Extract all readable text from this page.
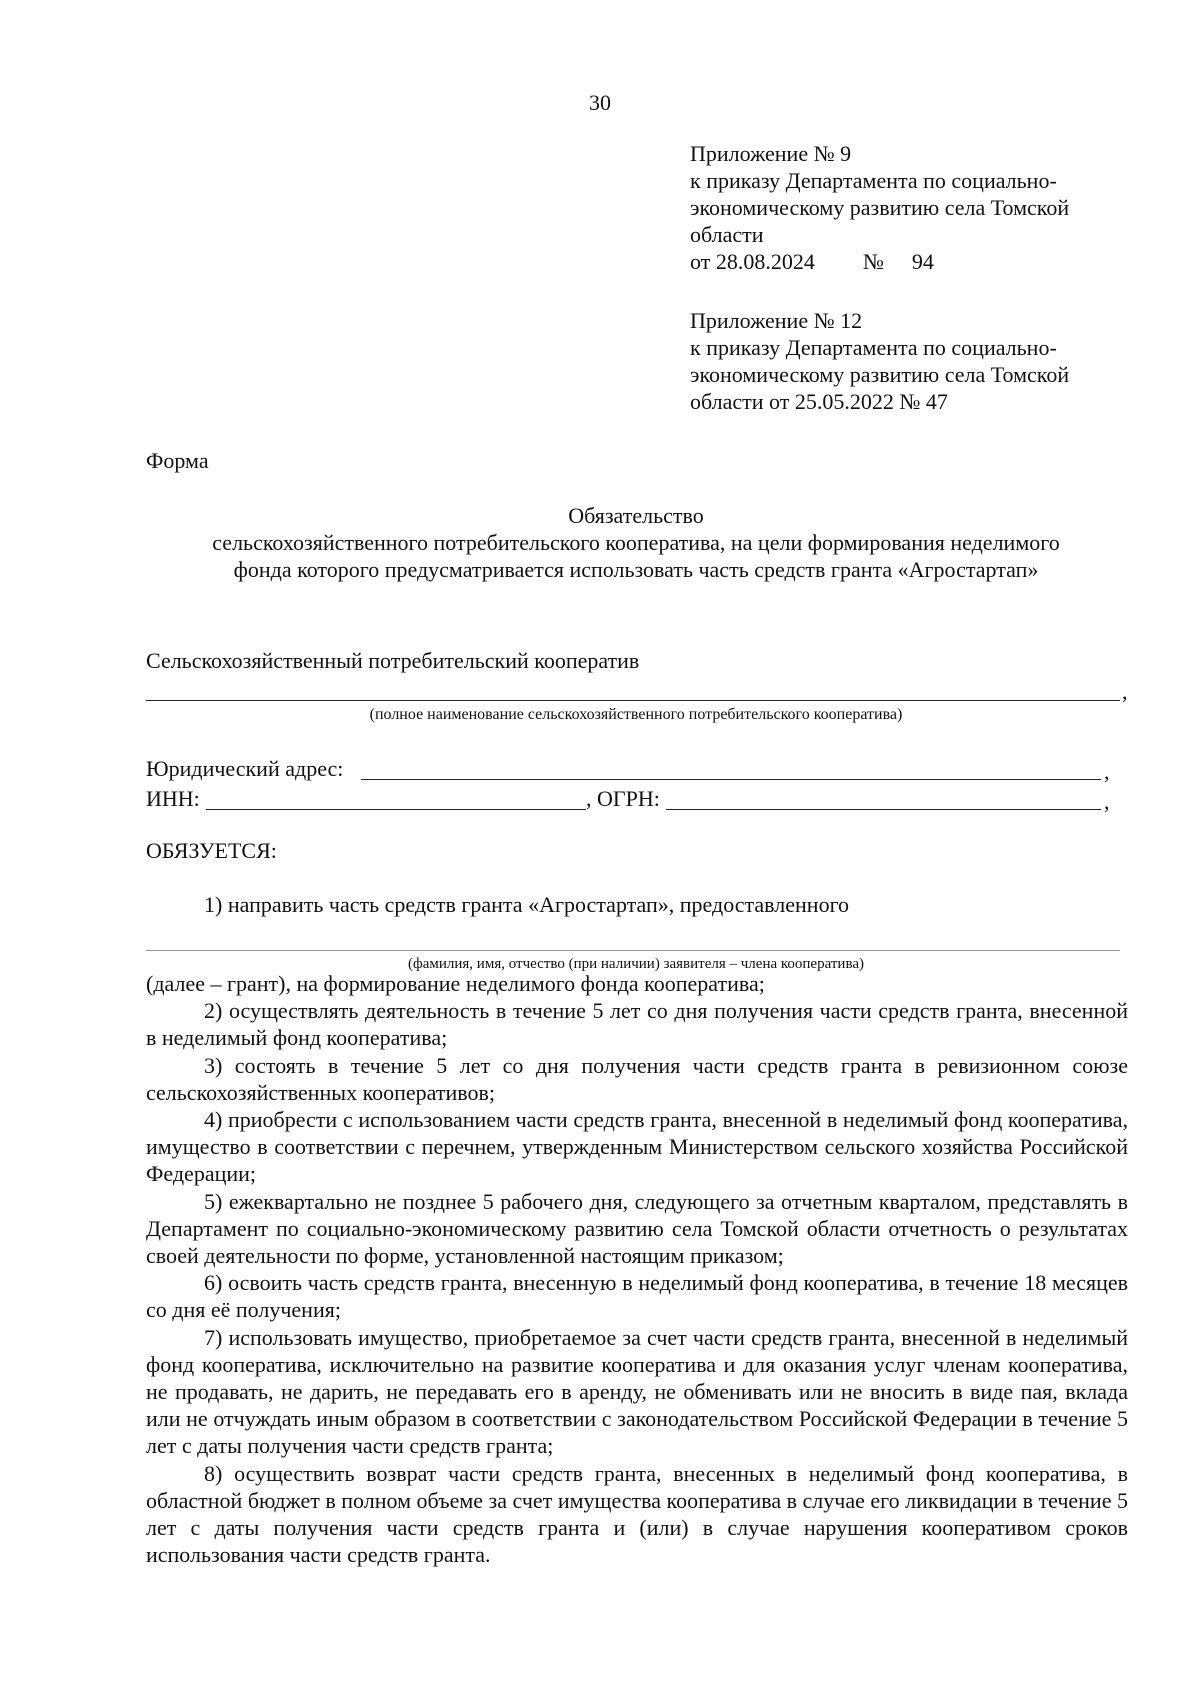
30
Приложение № 9
к приказу Департамента по социально-
экономическому развитию села Томской
области
от 28.08.2024 № 94
Приложение № 12
к приказу Департамента по социально-
экономическому развитию села Томской
области от 25.05.2022 № 47
Форма
Обязательство
сельскохозяйственного потребительского кооператива, на цели формирования неделимого
фонда которого предусматривается использовать часть средств гранта «Агростартап»
Сельскохозяйственный потребительский кооператив
,
(полное наименование сельскохозяйственного потребительского кооператива)
Юридический адрес:	,
ИНН:	, ОГРН:	,
ОБЯЗУЕТСЯ:
1) направить часть средств гранта «Агростартап», предоставленного
(фамилия, имя, отчество (при наличии) заявителя – члена кооператива)

(далее – грант), на формирование неделимого фонда кооператива;

2) осуществлять деятельность в течение 5 лет со дня получения части средств гранта, внесенной в неделимый фонд кооператива;

3) состоять в течение 5 лет со дня получения части средств гранта в ревизионном союзе сельскохозяйственных кооперативов;

4) приобрести с использованием части средств гранта, внесенной в неделимый фонд кооператива, имущество в соответствии с перечнем, утвержденным Министерством сельского хозяйства Российской Федерации;

5) ежеквартально не позднее 5 рабочего дня, следующего за отчетным кварталом, представлять в Департамент по социально-экономическому развитию села Томской области отчетность о результатах своей деятельности по форме, установленной настоящим приказом;

6) освоить часть средств гранта, внесенную в неделимый фонд кооператива, в течение 18 месяцев со дня её получения;

7) использовать имущество, приобретаемое за счет части средств гранта, внесенной в неделимый фонд кооператива, исключительно на развитие кооператива и для оказания услуг членам кооператива, не продавать, не дарить, не передавать его в аренду, не обменивать или не вносить в виде пая, вклада или не отчуждать иным образом в соответствии с законодательством Российской Федерации в течение 5 лет с даты получения части средств гранта;

8) осуществить возврат части средств гранта, внесенных в неделимый фонд кооператива, в областной бюджет в полном объеме за счет имущества кооператива в случае его ликвидации в течение 5 лет с даты получения части средств гранта и (или) в случае нарушения кооперативом сроков использования части средств гранта.
